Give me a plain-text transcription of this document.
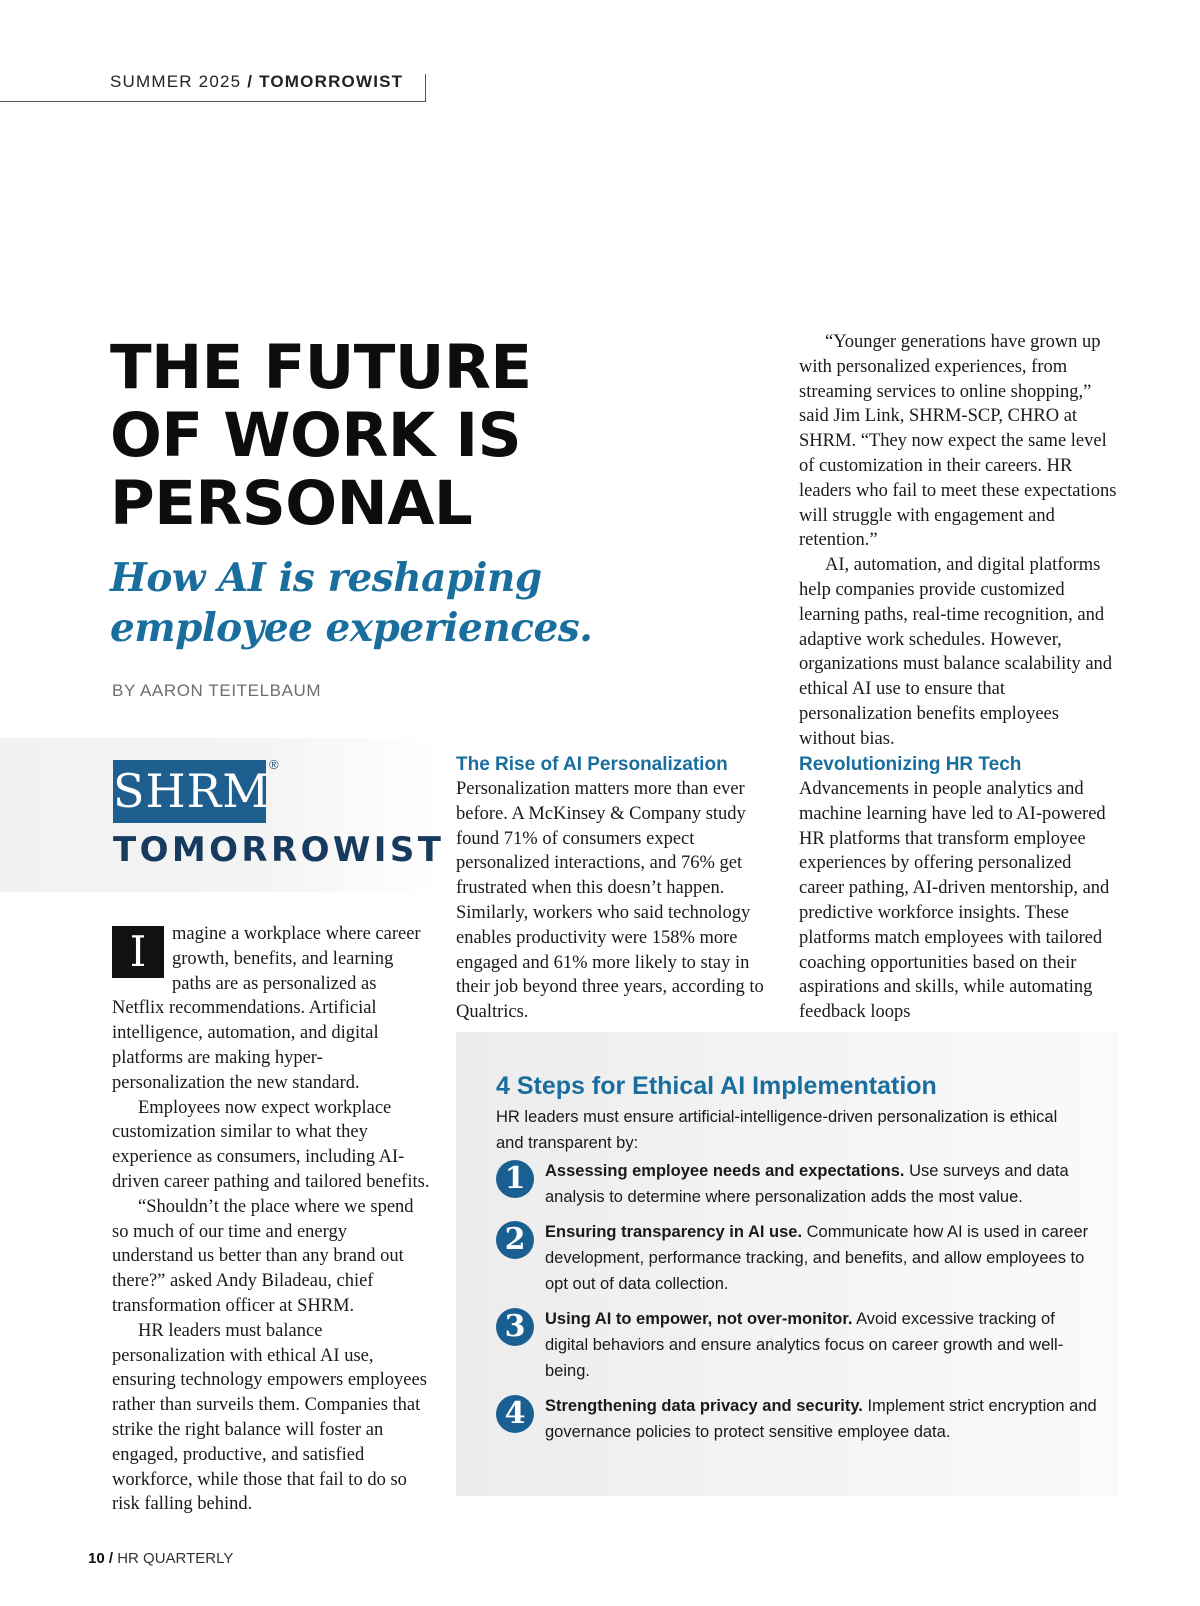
SUMMER 2025 / TOMORROWIST
THE FUTURE OF WORK IS PERSONAL
How AI is reshaping employee experiences.
BY AARON TEITELBAUM
SHRM
®
TOMORROWIST

I	magine a workplace where career growth, benefits, and learning paths are as personalized as Netflix recommendations. Artificial intelligence, automation, and digital platforms are making hyper-personalization the new standard.

Employees now expect workplace customization similar to what they experience as consumers, including AI-driven career pathing and tailored benefits.

“Shouldn’t the place where we spend so much of our time and energy understand us better than any brand out there?” asked Andy Biladeau, chief transformation officer at SHRM.

HR leaders must balance personalization with ethical AI use, ensuring technology empowers employees rather than surveils them. Companies that strike the right balance will foster an engaged, productive, and satisfied workforce, while those that fail to do so risk falling behind.

The Rise of AI Personalization

Personalization matters more than ever before. A McKinsey & Company study found 71% of consumers expect personalized interactions, and 76% get frustrated when this doesn’t happen. Similarly, workers who said technology enables productivity were 158% more engaged and 61% more likely to stay in their job beyond three years, according to Qualtrics.

“Younger generations have grown up with personalized experiences, from streaming services to online shopping,” said Jim Link, SHRM-SCP, CHRO at SHRM. “They now expect the same level of customization in their careers. HR leaders who fail to meet these expectations will struggle with engagement and retention.”

AI, automation, and digital platforms help companies provide customized learning paths, real-time recognition, and adaptive work schedules. However, organizations must balance scalability and ethical AI use to ensure that personalization benefits employees without bias.

Revolutionizing HR Tech

Advancements in people analytics and machine learning have led to AI-powered HR platforms that transform employee experiences by offering personalized career pathing, AI-driven mentorship, and predictive workforce insights. These platforms match employees with tailored coaching opportunities based on their aspirations and skills, while automating feedback loops

4 Steps for Ethical AI Implementation

HR leaders must ensure artificial-intelligence-driven personalization is ethical and transparent by:

1	Assessing employee needs and expectations. Use surveys and data analysis to determine where personalization adds the most value.

2	Ensuring transparency in AI use. Communicate how AI is used in career development, performance tracking, and benefits, and allow employees to opt out of data collection.

3	Using AI to empower, not over-monitor. Avoid excessive tracking of digital behaviors and ensure analytics focus on career growth and well-being.

4	Strengthening data privacy and security. Implement strict encryption and governance policies to protect sensitive employee data.

10 / HR QUARTERLY
